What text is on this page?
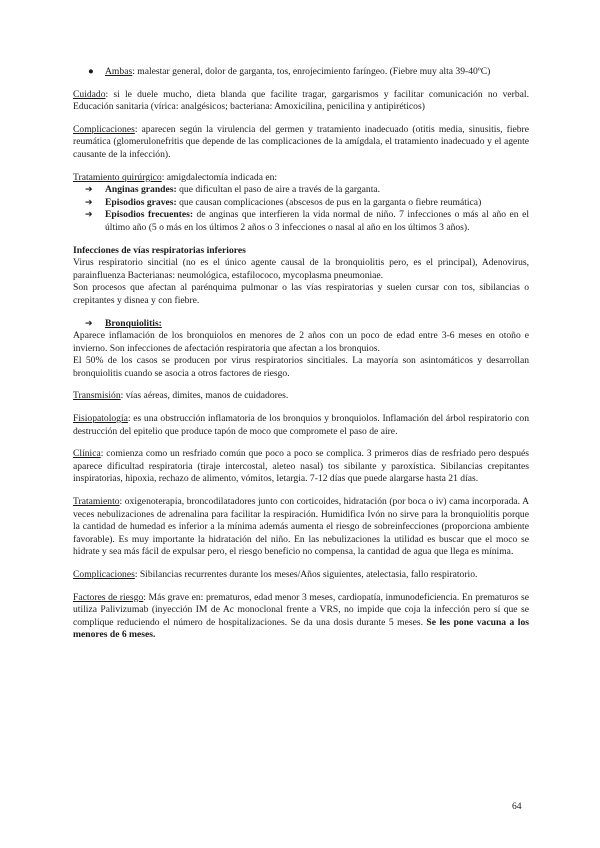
● Ambas: malestar general, dolor de garganta, tos, enrojecimiento faríngeo. (Fiebre muy alta 39-40ºC)

Cuidado: si le duele mucho, dieta blanda que facilite tragar, gargarismos y facilitar comunicación no verbal. Educación sanitaria (vírica: analgésicos; bacteriana: Amoxicilina, penicilina y antipiréticos)

Complicaciones: aparecen según la virulencia del germen y tratamiento inadecuado (otitis media, sinusitis, fiebre reumática (glomerulonefritis que depende de las complicaciones de la amígdala, el tratamiento inadecuado y el agente causante de la infección).

Tratamiento quirúrgico: amigdalectomía indicada en:

➔ Anginas grandes: que dificultan el paso de aire a través de la garganta.
➔ Episodios graves: que causan complicaciones (abscesos de pus en la garganta o fiebre reumática)
➔ Episodios frecuentes: de anginas que interfieren la vida normal de niño. 7 infecciones o más al año en el último año (5 o más en los últimos 2 años o 3 infecciones o nasal al año en los últimos 3 años).

Infecciones de vías respiratorias inferiores

Virus respiratorio sincitial (no es el único agente causal de la bronquiolitis pero, es el principal), Adenovirus, parainfluenza Bacterianas: neumológica, estafilococo, mycoplasma pneumoniae.

Son procesos que afectan al parénquima pulmonar o las vías respiratorias y suelen cursar con tos, sibilancias o crepitantes y disnea y con fiebre.

➔ Bronquiolitis:

Aparece inflamación de los bronquiolos en menores de 2 años con un poco de edad entre 3-6 meses en otoño e invierno. Son infecciones de afectación respiratoria que afectan a los bronquios.

El 50% de los casos se producen por virus respiratorios sincitiales. La mayoría son asintomáticos y desarrollan bronquiolitis cuando se asocia a otros factores de riesgo.

Transmisión: vías aéreas, dimites, manos de cuidadores.

Fisiopatología: es una obstrucción inflamatoria de los bronquios y bronquiolos. Inflamación del árbol respiratorio con destrucción del epitelio que produce tapón de moco que compromete el paso de aire.

Clínica: comienza como un resfriado común que poco a poco se complica. 3 primeros días de resfriado pero después aparece dificultad respiratoria (tiraje intercostal, aleteo nasal) tos sibilante y paroxística. Sibilancias crepitantes inspiratorias, hipoxia, rechazo de alimento, vómitos, letargia. 7-12 días que puede alargarse hasta 21 días.

Tratamiento: oxigenoterapia, broncodilatadores junto con corticoides, hidratación (por boca o iv) cama incorporada. A veces nebulizaciones de adrenalina para facilitar la respiración. Humidifica Ivón no sirve para la bronquiolitis porque la cantidad de humedad es inferior a la mínima además aumenta el riesgo de sobreinfecciones (proporciona ambiente favorable). Es muy importante la hidratación del niño. En las nebulizaciones la utilidad es buscar que el moco se hidrate y sea más fácil de expulsar pero, el riesgo beneficio no compensa, la cantidad de agua que llega es mínima.

Complicaciones: Sibilancias recurrentes durante los meses/Años siguientes, atelectasia, fallo respiratorio.

Factores de riesgo: Más grave en: prematuros, edad menor 3 meses, cardiopatía, inmunodeficiencia. En prematuros se utiliza Palivizumab (inyección IM de Ac monoclonal frente a VRS, no impide que coja la infección pero sí que se complique reduciendo el número de hospitalizaciones. Se da una dosis durante 5 meses. Se les pone vacuna a los menores de 6 meses.

64
